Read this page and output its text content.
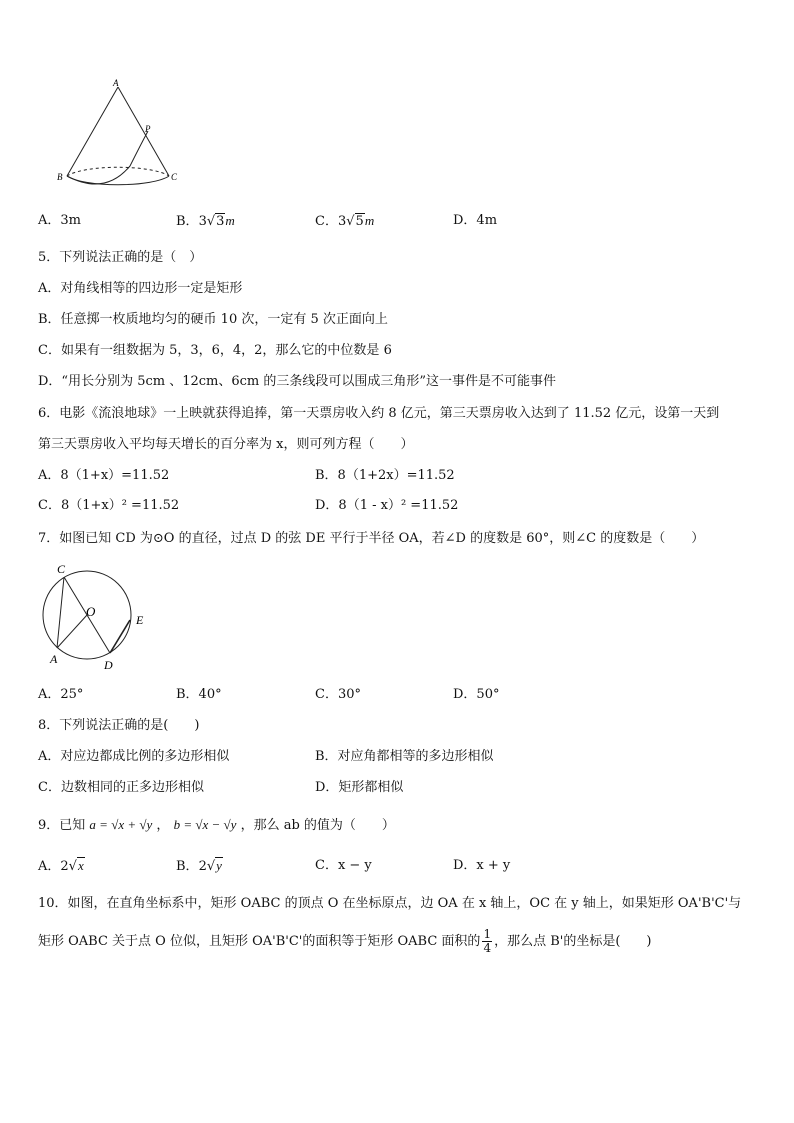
A
P
B	C
A．3m	B．3√3m	C．3√5m	D．4m
5．下列说法正确的是（　）
A．对角线相等的四边形一定是矩形
B．任意掷一枚质地均匀的硬币 10 次，一定有 5 次正面向上
C．如果有一组数据为 5，3，6，4，2，那么它的中位数是 6
D．“用长分别为 5cm 、12cm、6cm 的三条线段可以围成三角形”这一事件是不可能事件
6．电影《流浪地球》一上映就获得追捧，第一天票房收入约 8 亿元，第三天票房收入达到了 11.52 亿元，设第一天到
第三天票房收入平均每天增长的百分率为 x，则可列方程（　　）
A．8（1+x）=11.52	B．8（1+2x）=11.52
C．8（1+x）² =11.52	D．8（1 - x）² =11.52
7．如图已知 CD 为⊙O 的直径，过点 D 的弦 DE 平行于半径 OA，若∠D 的度数是 60°，则∠C 的度数是（　　）
C
O
E
A	D
A．25°	B．40°	C．30°	D．50°
8．下列说法正确的是(　　)
A．对应边都成比例的多边形相似	B．对应角都相等的多边形相似
C．边数相同的正多边形相似	D．矩形都相似
9．已知 a = √x + √y ， b = √x − √y ，那么 ab 的值为（　　）
A．2√x	B．2√y	C．x − y	D．x + y
10．如图，在直角坐标系中，矩形 OABC 的顶点 O 在坐标原点，边 OA 在 x 轴上，OC 在 y 轴上，如果矩形 OA'B'C'与
矩形 OABC 关于点 O 位似，且矩形 OA'B'C'的面积等于矩形 OABC 面积的 $\frac{1}{4}$ ，那么点 B'的坐标是(　　)
